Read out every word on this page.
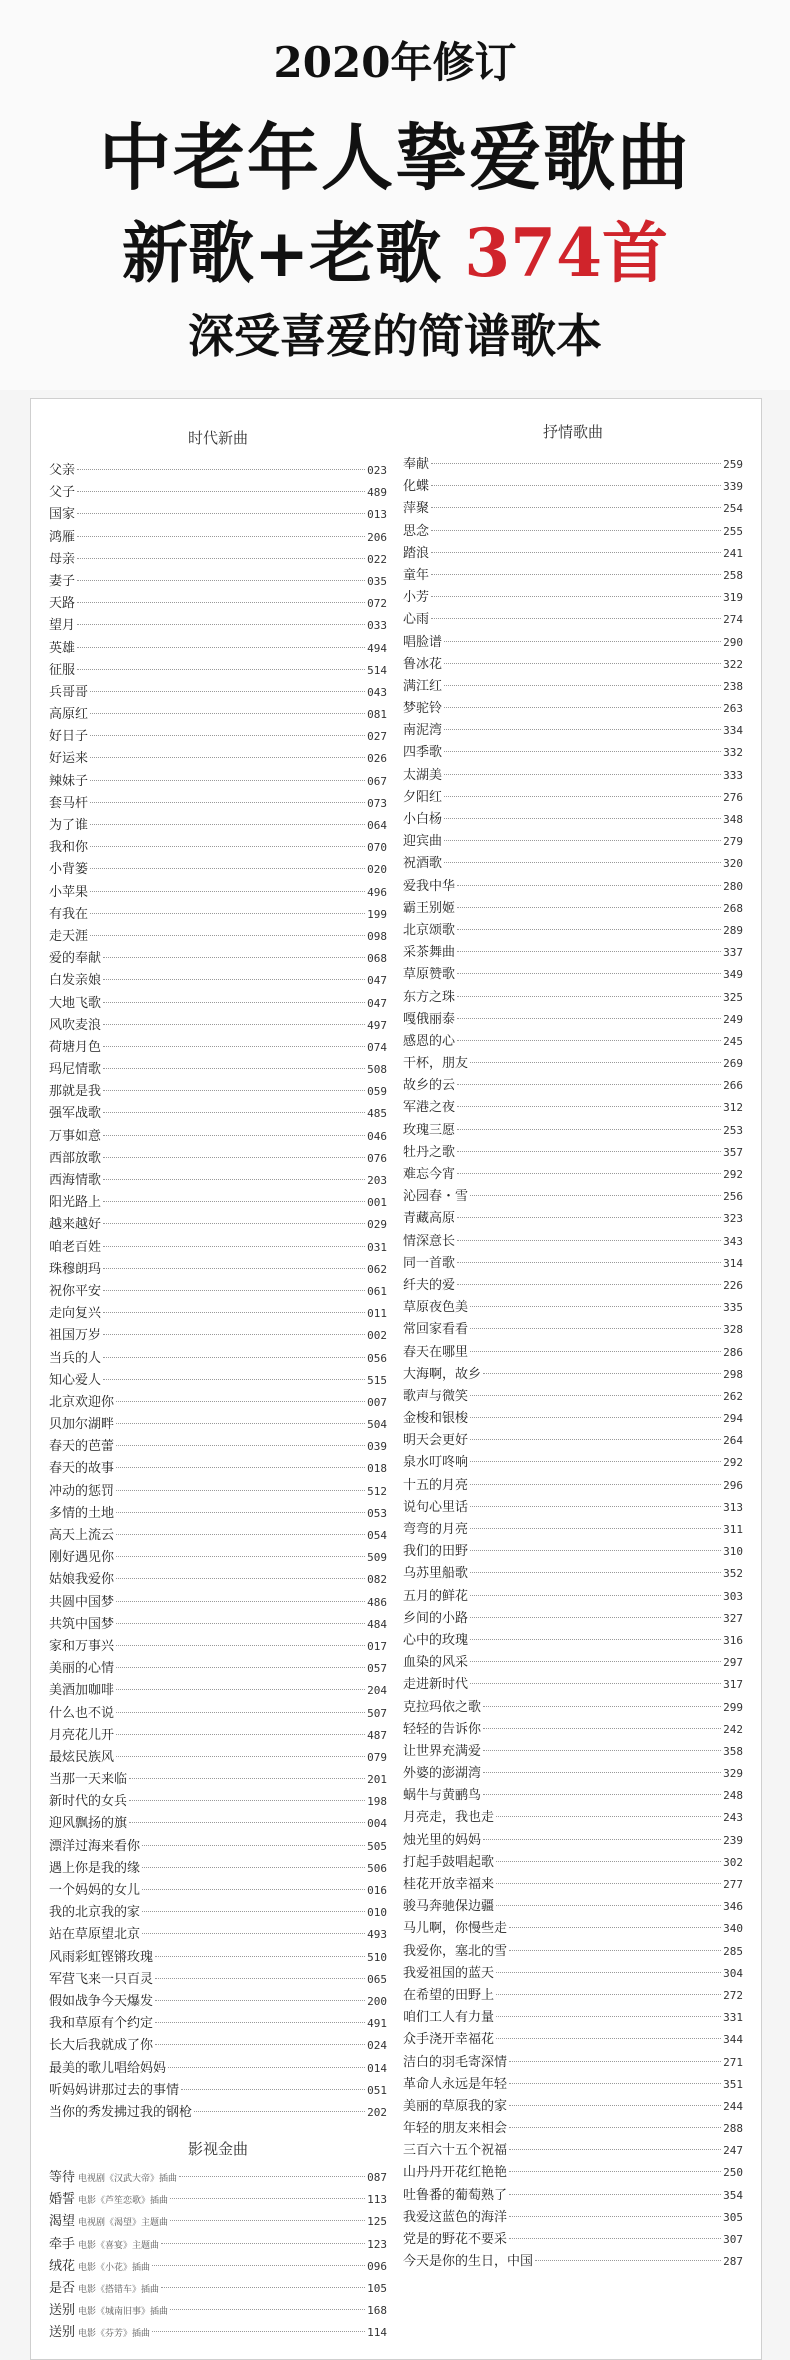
2020年修订
中老年人挚爱歌曲
新歌+老歌 374首
深受喜爱的简谱歌本
时代新曲
父亲	023
父子	489
国家	013
鸿雁	206
母亲	022
妻子	035
天路	072
望月	033
英雄	494
征服	514
兵哥哥	043
高原红	081
好日子	027
好运来	026
辣妹子	067
套马杆	073
为了谁	064
我和你	070
小背篓	020
小苹果	496
有我在	199
走天涯	098
爱的奉献	068
白发亲娘	047
大地飞歌	047
风吹麦浪	497
荷塘月色	074
玛尼情歌	508
那就是我	059
强军战歌	485
万事如意	046
西部放歌	076
西海情歌	203
阳光路上	001
越来越好	029
咱老百姓	031
珠穆朗玛	062
祝你平安	061
走向复兴	011
祖国万岁	002
当兵的人	056
知心爱人	515
北京欢迎你	007
贝加尔湖畔	504
春天的芭蕾	039
春天的故事	018
冲动的惩罚	512
多情的土地	053
高天上流云	054
刚好遇见你	509
姑娘我爱你	082
共圆中国梦	486
共筑中国梦	484
家和万事兴	017
美丽的心情	057
美酒加咖啡	204
什么也不说	507
月亮花儿开	487
最炫民族风	079
当那一天来临	201
新时代的女兵	198
迎风飘扬的旗	004
漂洋过海来看你	505
遇上你是我的缘	506
一个妈妈的女儿	016
我的北京我的家	010
站在草原望北京	493
风雨彩虹铿锵玫瑰	510
军营飞来一只百灵	065
假如战争今天爆发	200
我和草原有个约定	491
长大后我就成了你	024
最美的歌儿唱给妈妈	014
听妈妈讲那过去的事情	051
当你的秀发拂过我的钢枪	202
影视金曲
等待 电视剧《汉武大帝》插曲	087
婚誓 电影《芦笙恋歌》插曲	113
渴望 电视剧《渴望》主题曲	125
牵手 电影《喜宴》主题曲	123
绒花 电影《小花》插曲	096
是否 电影《搭错车》插曲	105
送别 电影《城南旧事》插曲	168
送别 电影《芬芳》插曲	114
抒情歌曲
奉献	259
化蝶	339
萍聚	254
思念	255
踏浪	241
童年	258
小芳	319
心雨	274
唱脸谱	290
鲁冰花	322
满江红	238
梦驼铃	263
南泥湾	334
四季歌	332
太湖美	333
夕阳红	276
小白杨	348
迎宾曲	279
祝酒歌	320
爱我中华	280
霸王别姬	268
北京颂歌	289
采茶舞曲	337
草原赞歌	349
东方之珠	325
嘎俄丽泰	249
感恩的心	245
干杯，朋友	269
故乡的云	266
军港之夜	312
玫瑰三愿	253
牡丹之歌	357
难忘今宵	292
沁园春・雪	256
青藏高原	323
情深意长	343
同一首歌	314
纤夫的爱	226
草原夜色美	335
常回家看看	328
春天在哪里	286
大海啊，故乡	298
歌声与微笑	262
金梭和银梭	294
明天会更好	264
泉水叮咚响	292
十五的月亮	296
说句心里话	313
弯弯的月亮	311
我们的田野	310
乌苏里船歌	352
五月的鲜花	303
乡间的小路	327
心中的玫瑰	316
血染的风采	297
走进新时代	317
克拉玛依之歌	299
轻轻的告诉你	242
让世界充满爱	358
外婆的澎湖湾	329
蜗牛与黄鹂鸟	248
月亮走，我也走	243
烛光里的妈妈	239
打起手鼓唱起歌	302
桂花开放幸福来	277
骏马奔驰保边疆	346
马儿啊，你慢些走	340
我爱你，塞北的雪	285
我爱祖国的蓝天	304
在希望的田野上	272
咱们工人有力量	331
众手浇开幸福花	344
洁白的羽毛寄深情	271
革命人永远是年轻	351
美丽的草原我的家	244
年轻的朋友来相会	288
三百六十五个祝福	247
山丹丹开花红艳艳	250
吐鲁番的葡萄熟了	354
我爱这蓝色的海洋	305
党是的野花不要采	307
今天是你的生日，中国	287
